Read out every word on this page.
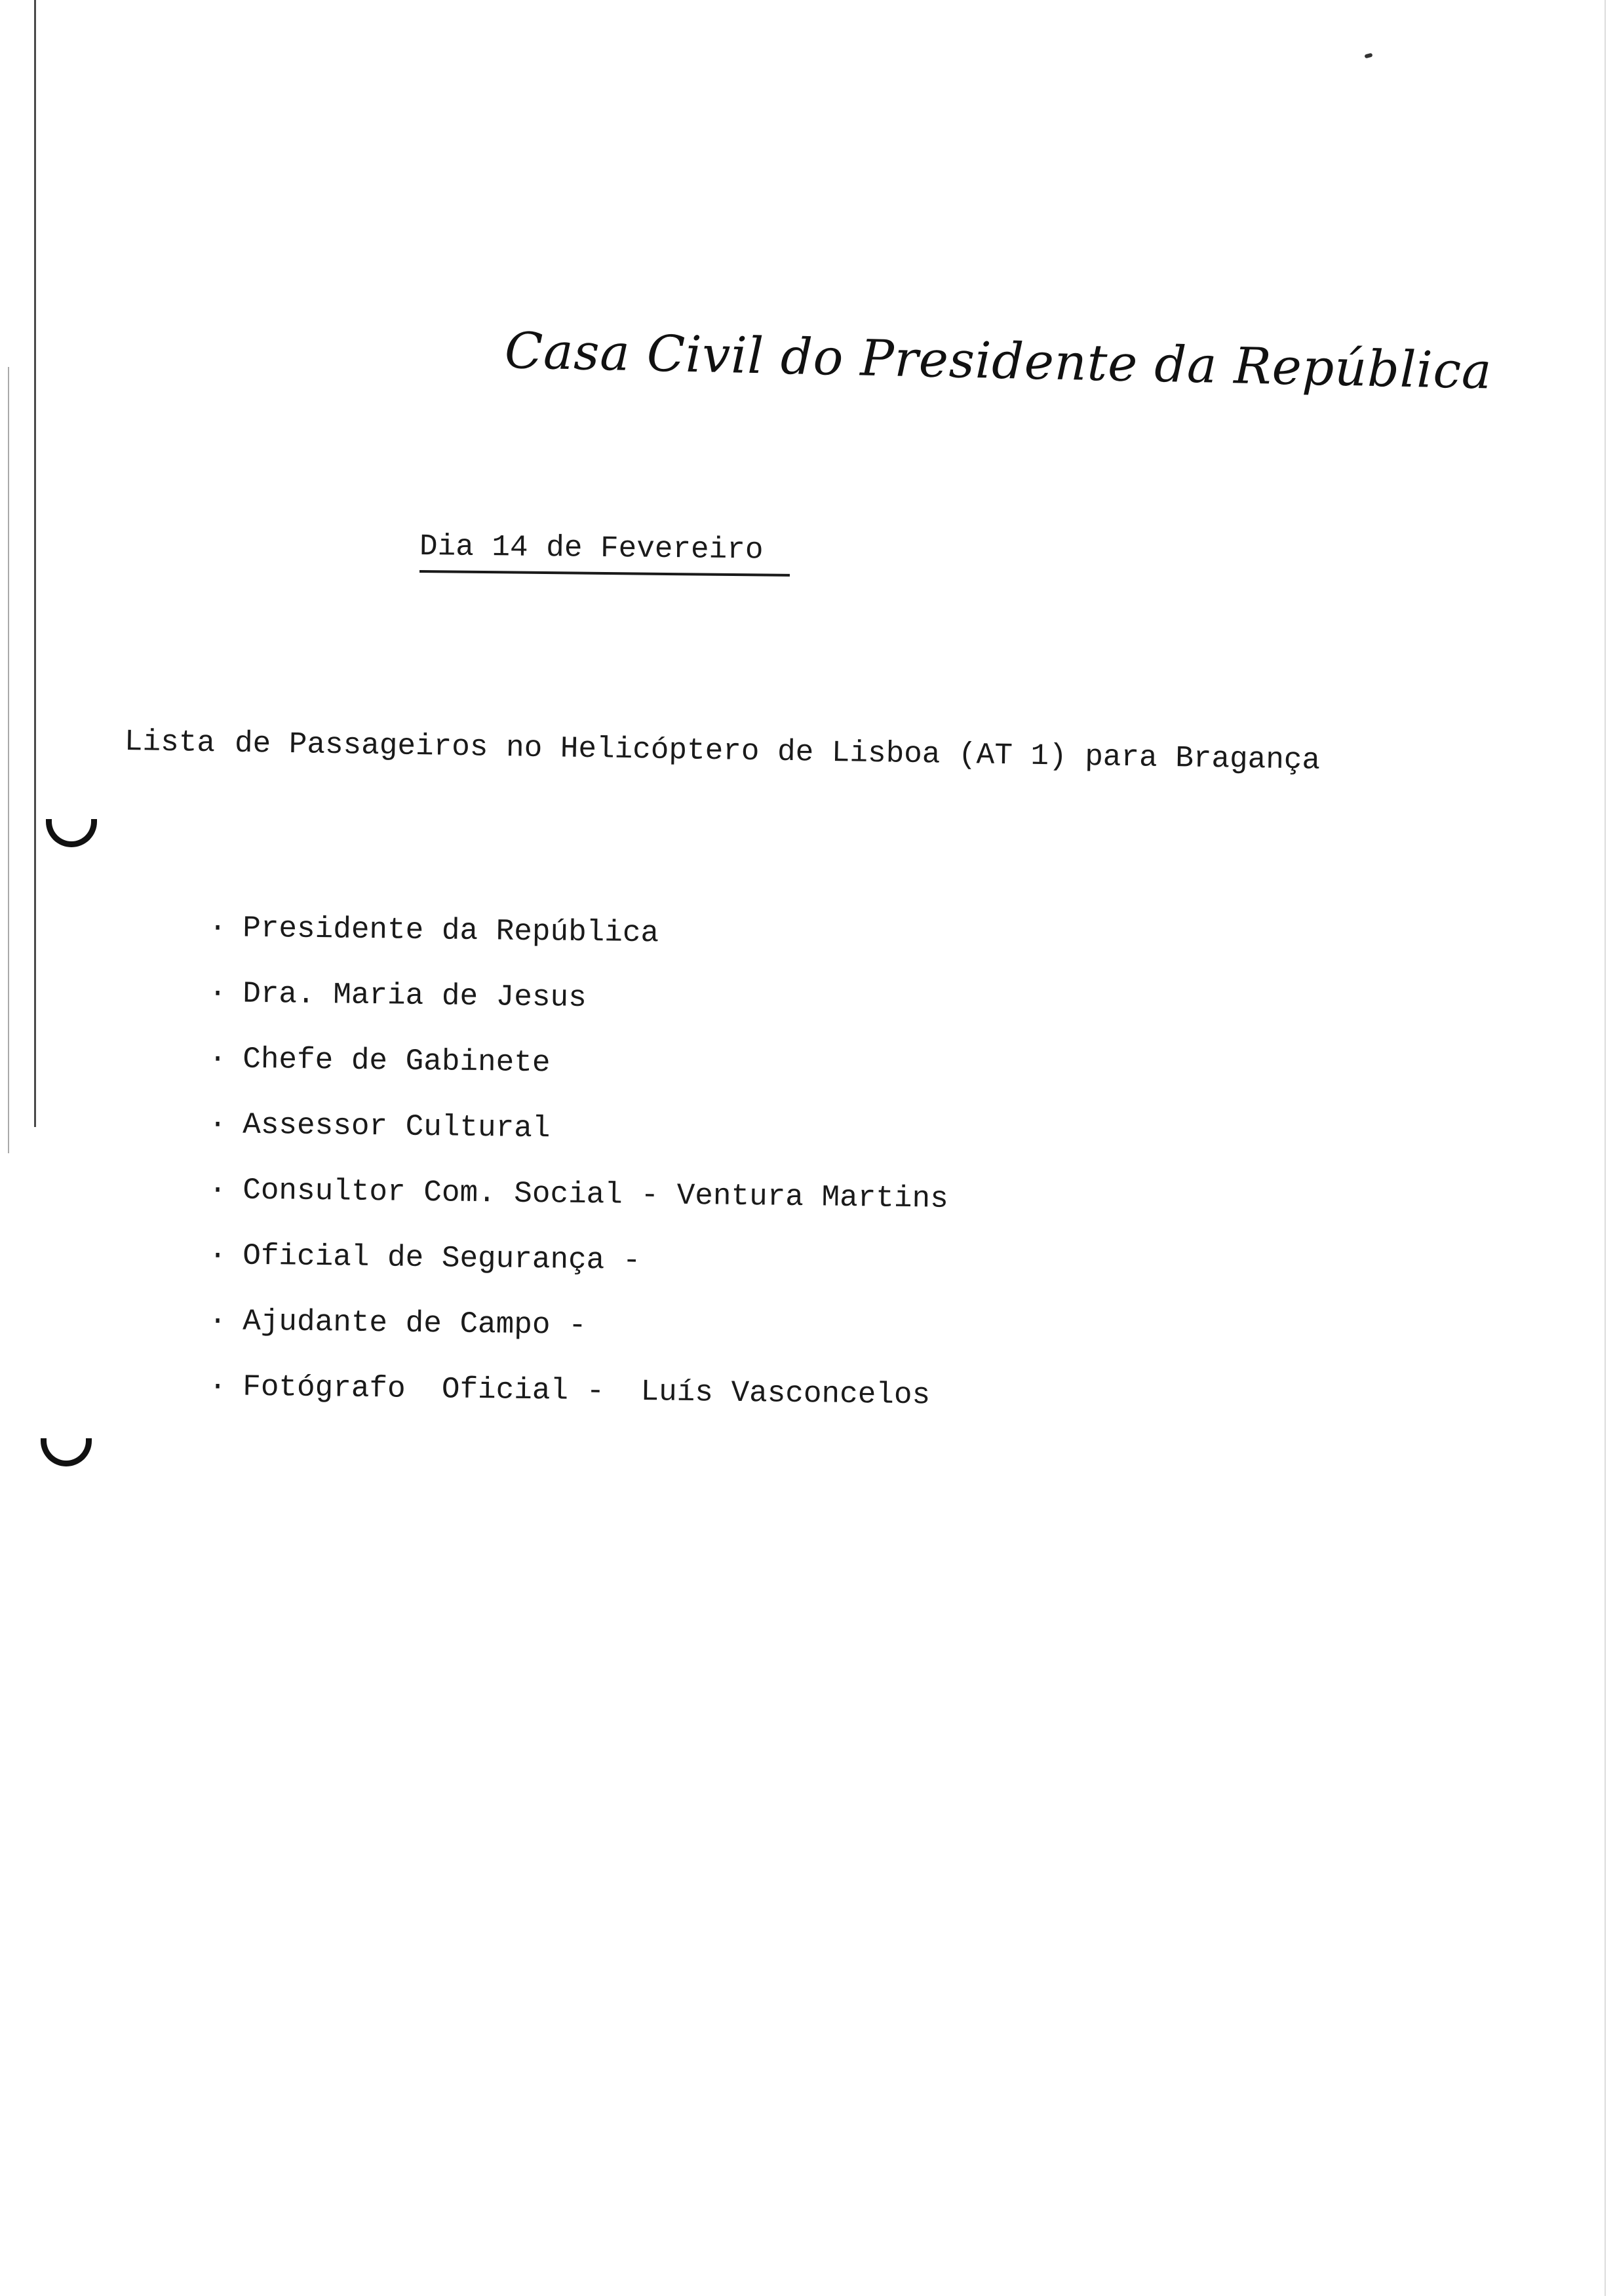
Casa Civil do Presidente da República
Dia 14 de Fevereiro
Lista de Passageiros no Helicóptero de Lisboa (AT 1) para Bragança
· Presidente da República
· Dra. Maria de Jesus
· Chefe de Gabinete
· Assessor Cultural
· Consultor Com. Social - Ventura Martins
· Oficial de Segurança -
· Ajudante de Campo -
· Fotógrafo  Oficial -  Luís Vasconcelos
